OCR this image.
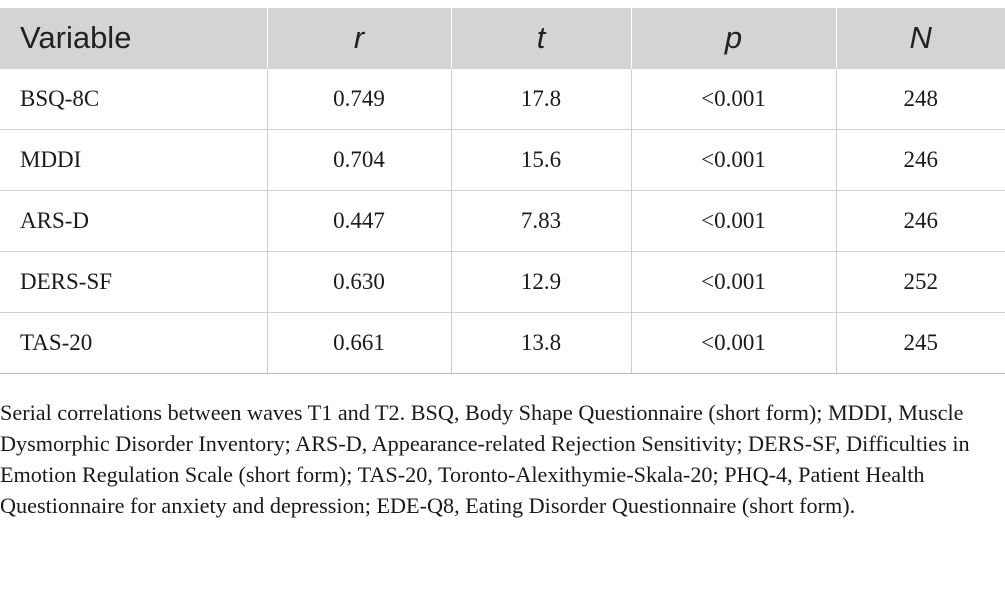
Variable	r	t	p	N
BSQ-8C	0.749	17.8	<0.001	248
MDDI	0.704	15.6	<0.001	246
ARS-D	0.447	7.83	<0.001	246
DERS-SF	0.630	12.9	<0.001	252
TAS-20	0.661	13.8	<0.001	245

Serial correlations between waves T1 and T2. BSQ, Body Shape Questionnaire (short form); MDDI, Muscle Dysmorphic Disorder Inventory; ARS-D, Appearance-related Rejection Sensitivity; DERS-SF, Difficulties in Emotion Regulation Scale (short form); TAS-20, Toronto-Alexithymie-Skala-20; PHQ-4, Patient Health Questionnaire for anxiety and depression; EDE-Q8, Eating Disorder Questionnaire (short form).
